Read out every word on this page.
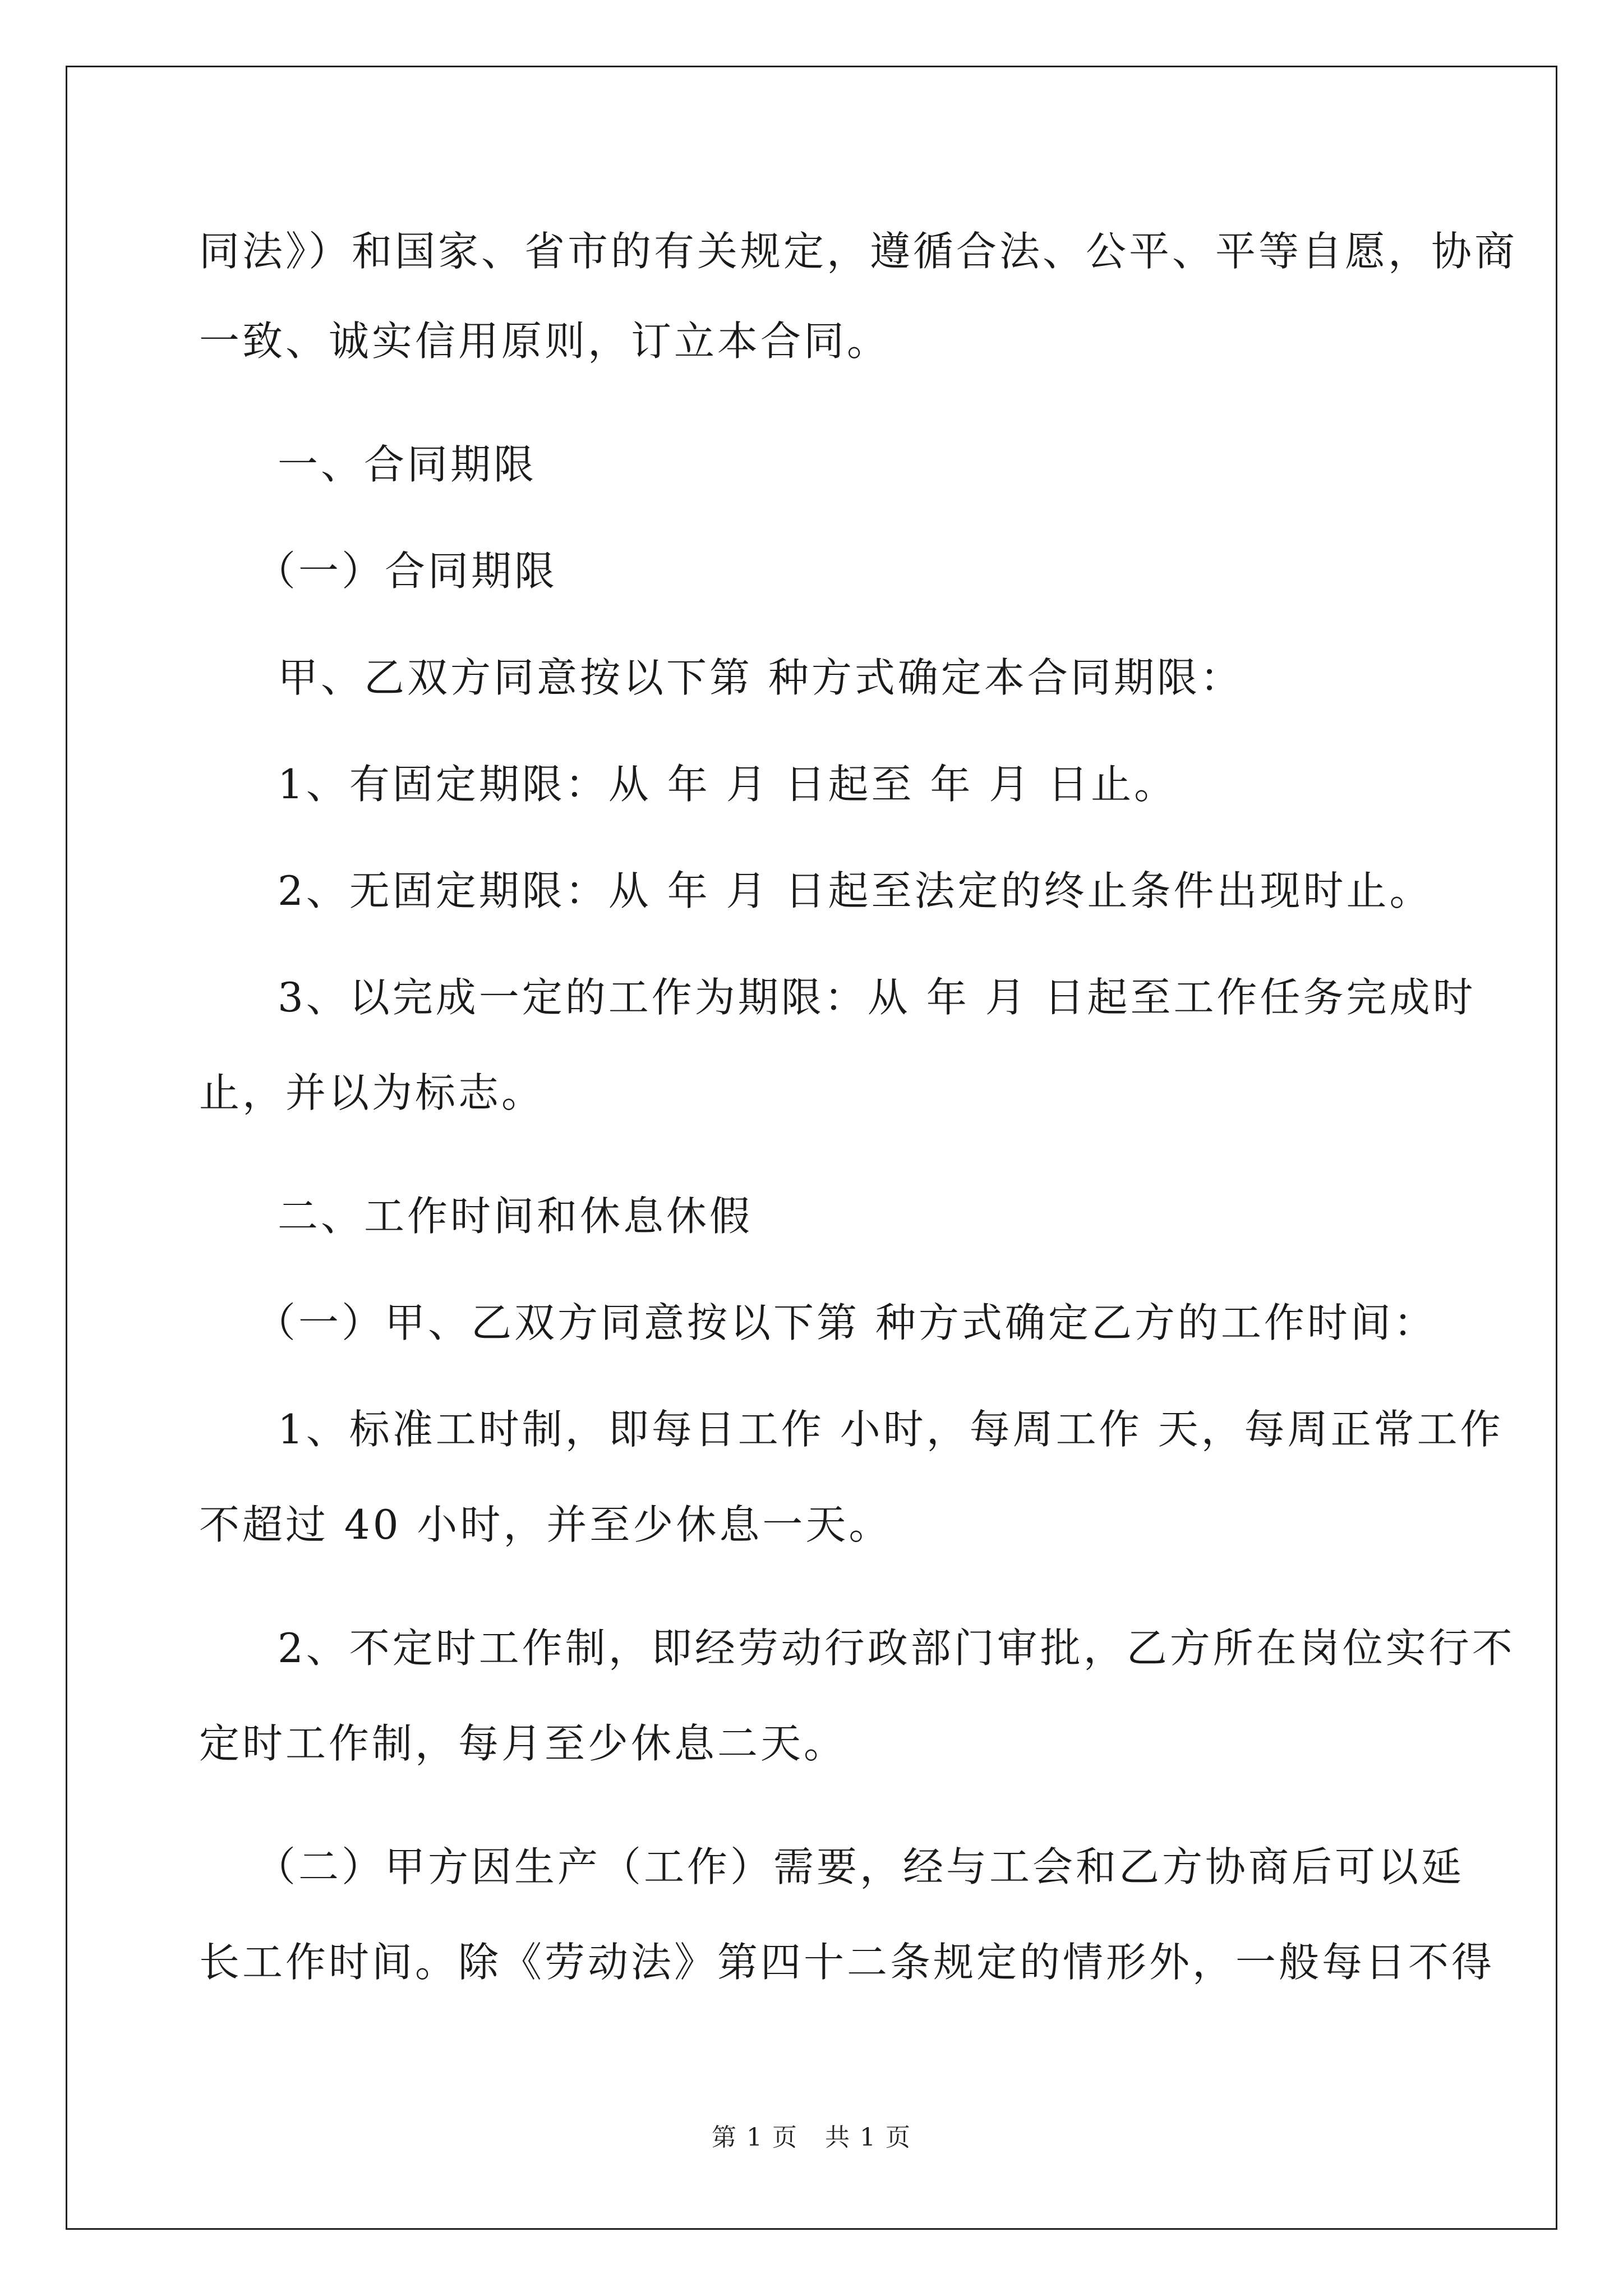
同法》）和国家、省市的有关规定，遵循合法、公平、平等自愿，协商
一致、诚实信用原则，订立本合同。
一、合同期限
（一）合同期限
甲、乙双方同意按以下第 种方式确定本合同期限：
1、有固定期限：从 年 月 日起至 年 月 日止。
2、无固定期限：从 年 月 日起至法定的终止条件出现时止。
3、以完成一定的工作为期限：从 年 月 日起至工作任务完成时
止，并以为标志。
二、工作时间和休息休假
（一）甲、乙双方同意按以下第 种方式确定乙方的工作时间：
1、标准工时制，即每日工作 小时，每周工作 天，每周正常工作
不超过 40 小时，并至少休息一天。
2、不定时工作制，即经劳动行政部门审批，乙方所在岗位实行不
定时工作制，每月至少休息二天。
（二）甲方因生产（工作）需要，经与工会和乙方协商后可以延
长工作时间。除《劳动法》第四十二条规定的情形外，一般每日不得
第 1 页   共 1 页
